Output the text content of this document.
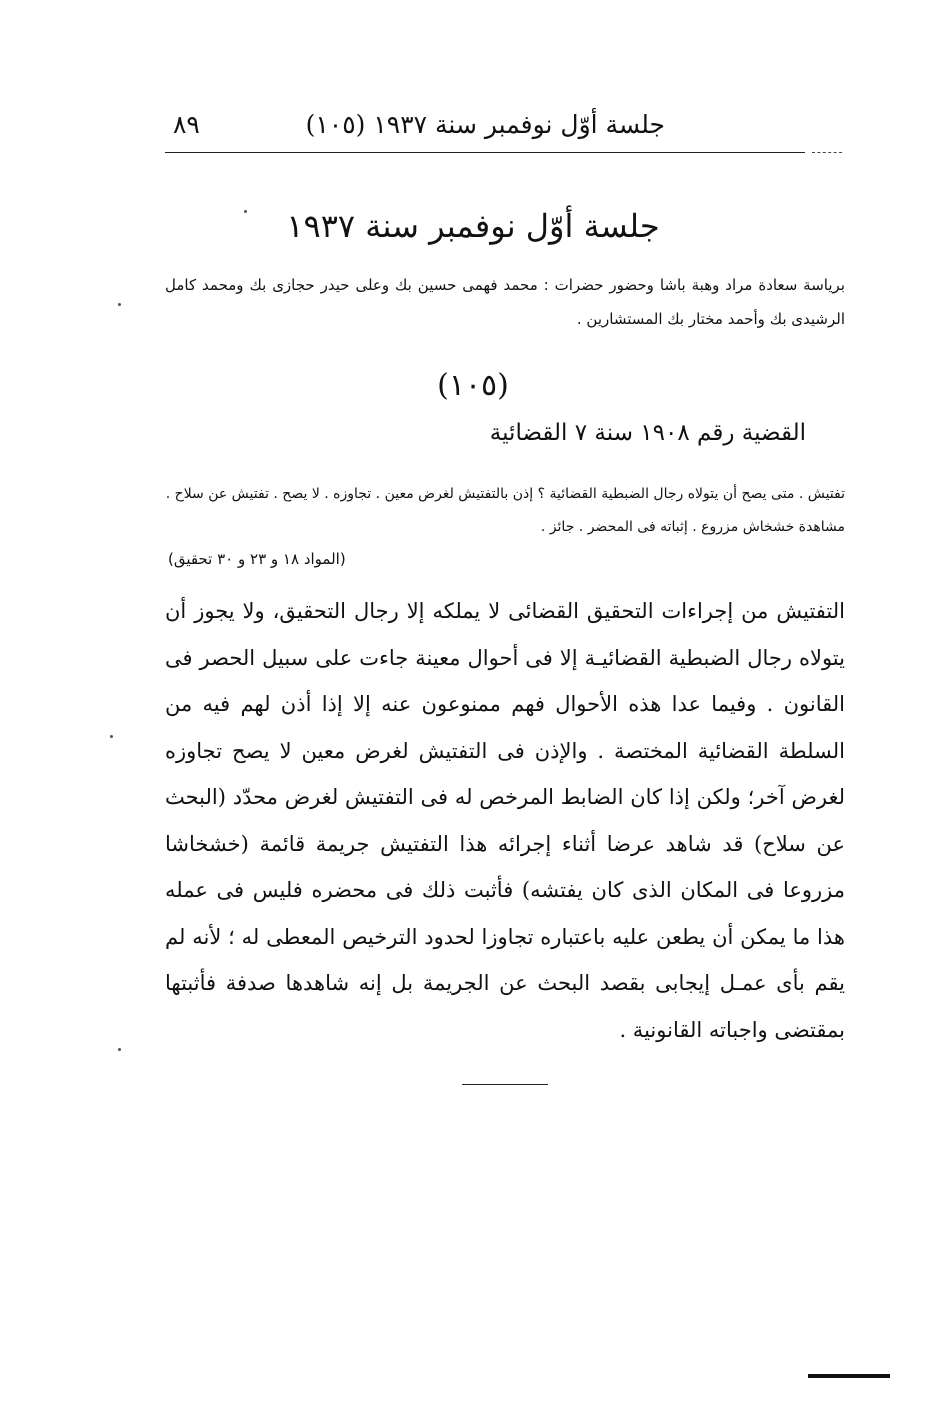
جلسة أوّل نوفمبر سنة ١٩٣٧ (١٠٥)
٨٩
جلسة أوّل نوفمبر سنة ١٩٣٧
برياسة سعادة مراد وهبة باشا وحضور حضرات : محمد فهمى حسين بك وعلى حيدر حجازى بك ومحمد كامل الرشيدى بك وأحمد مختار بك المستشارين .
(١٠٥)
القضية رقم ١٩٠٨ سنة ٧ القضائية
تفتيش . متى يصح أن يتولاه رجال الضبطية القضائية ؟ إذن بالتفتيش لغرض معين . تجاوزه . لا يصح . تفتيش عن سلاح . مشاهدة خشخاش مزروع . إثباته فى المحضر . جائز .
(المواد ١٨ و ٢٣ و ٣٠ تحقيق)
التفتيش من إجراءات التحقيق القضائى لا يملكه إلا رجال التحقيق، ولا يجوز أن يتولاه رجال الضبطية القضائيـة إلا فى أحوال معينة جاءت على سبيل الحصر فى القانون . وفيما عدا هذه الأحوال فهم ممنوعون عنه إلا إذا أذن لهم فيه من السلطة القضائية المختصة . والإذن فى التفتيش لغرض معين لا يصح تجاوزه لغرض آخر؛ ولكن إذا كان الضابط المرخص له فى التفتيش لغرض محدّد (البحث عن سلاح) قد شاهد عرضا أثناء إجرائه هذا التفتيش جريمة قائمة (خشخاشا مزروعا فى المكان الذى كان يفتشه) فأثبت ذلك فى محضره فليس فى عمله هذا ما يمكن أن يطعن عليه باعتباره تجاوزا لحدود الترخيص المعطى له ؛ لأنه لم يقم بأى عمـل إيجابى بقصد البحث عن الجريمة بل إنه شاهدها صدفة فأثبتها بمقتضى واجباته القانونية .
